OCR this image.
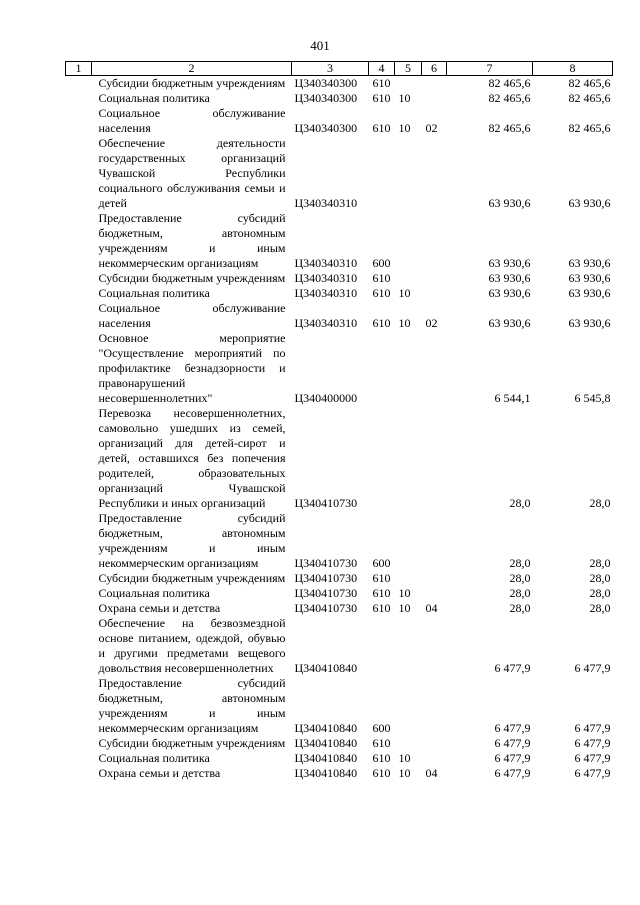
401
1	2	3	4	5	6	7	8
	Субсидии бюджетным учреждениям	Ц340340300	610			82 465,6	82 465,6
	Социальная политика	Ц340340300	610	10		82 465,6	82 465,6
	Социальное обслуживание населения	Ц340340300	610	10	02	82 465,6	82 465,6
	Обеспечение деятельности государственных организаций Чувашской Республики социального обслуживания семьи и детей	Ц340340310				63 930,6	63 930,6
	Предоставление субсидий бюджетным, автономным учреждениям и иным некоммерческим организациям	Ц340340310	600			63 930,6	63 930,6
	Субсидии бюджетным учреждениям	Ц340340310	610			63 930,6	63 930,6
	Социальная политика	Ц340340310	610	10		63 930,6	63 930,6
	Социальное обслуживание населения	Ц340340310	610	10	02	63 930,6	63 930,6
	Основное мероприятие "Осуществление мероприятий по профилактике безнадзорности и правонарушений несовершеннолетних"	Ц340400000				6 544,1	6 545,8
	Перевозка несовершеннолетних, самовольно ушедших из семей, организаций для детей-сирот и детей, оставшихся без попечения родителей, образовательных организаций Чувашской Республики и иных организаций	Ц340410730				28,0	28,0
	Предоставление субсидий бюджетным, автономным учреждениям и иным некоммерческим организациям	Ц340410730	600			28,0	28,0
	Субсидии бюджетным учреждениям	Ц340410730	610			28,0	28,0
	Социальная политика	Ц340410730	610	10		28,0	28,0
	Охрана семьи и детства	Ц340410730	610	10	04	28,0	28,0
	Обеспечение на безвозмездной основе питанием, одеждой, обувью и другими предметами вещевого довольствия несовершеннолетних	Ц340410840				6 477,9	6 477,9
	Предоставление субсидий бюджетным, автономным учреждениям и иным некоммерческим организациям	Ц340410840	600			6 477,9	6 477,9
	Субсидии бюджетным учреждениям	Ц340410840	610			6 477,9	6 477,9
	Социальная политика	Ц340410840	610	10		6 477,9	6 477,9
	Охрана семьи и детства	Ц340410840	610	10	04	6 477,9	6 477,9
